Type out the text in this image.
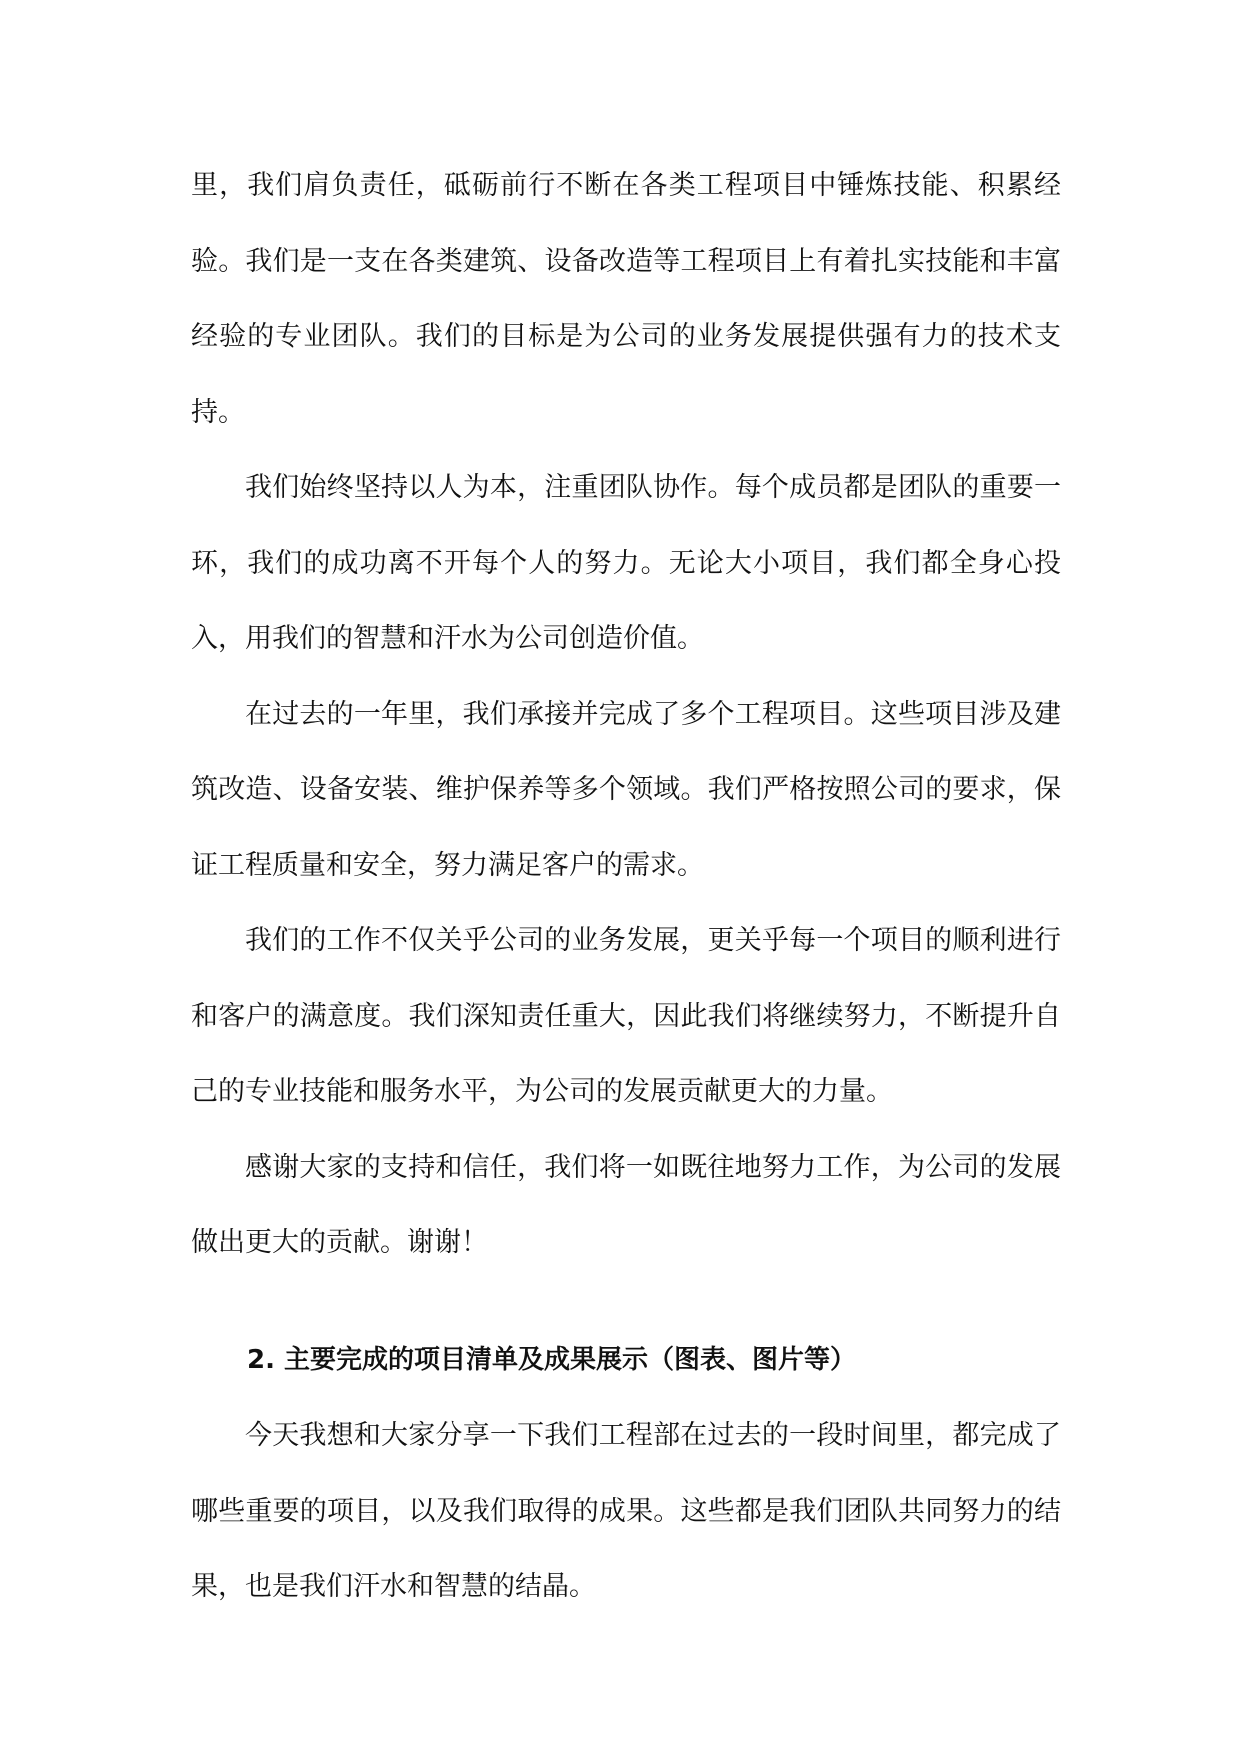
里，我们肩负责任，砥砺前行不断在各类工程项目中锤炼技能、积累经验。我们是一支在各类建筑、设备改造等工程项目上有着扎实技能和丰富经验的专业团队。我们的目标是为公司的业务发展提供强有力的技术支持。

我们始终坚持以人为本，注重团队协作。每个成员都是团队的重要一环，我们的成功离不开每个人的努力。无论大小项目，我们都全身心投入，用我们的智慧和汗水为公司创造价值。

在过去的一年里，我们承接并完成了多个工程项目。这些项目涉及建筑改造、设备安装、维护保养等多个领域。我们严格按照公司的要求，保证工程质量和安全，努力满足客户的需求。

我们的工作不仅关乎公司的业务发展，更关乎每一个项目的顺利进行和客户的满意度。我们深知责任重大，因此我们将继续努力，不断提升自己的专业技能和服务水平，为公司的发展贡献更大的力量。

感谢大家的支持和信任，我们将一如既往地努力工作，为公司的发展做出更大的贡献。谢谢！

2. 主要完成的项目清单及成果展示（图表、图片等）

今天我想和大家分享一下我们工程部在过去的一段时间里，都完成了哪些重要的项目，以及我们取得的成果。这些都是我们团队共同努力的结果，也是我们汗水和智慧的结晶。
